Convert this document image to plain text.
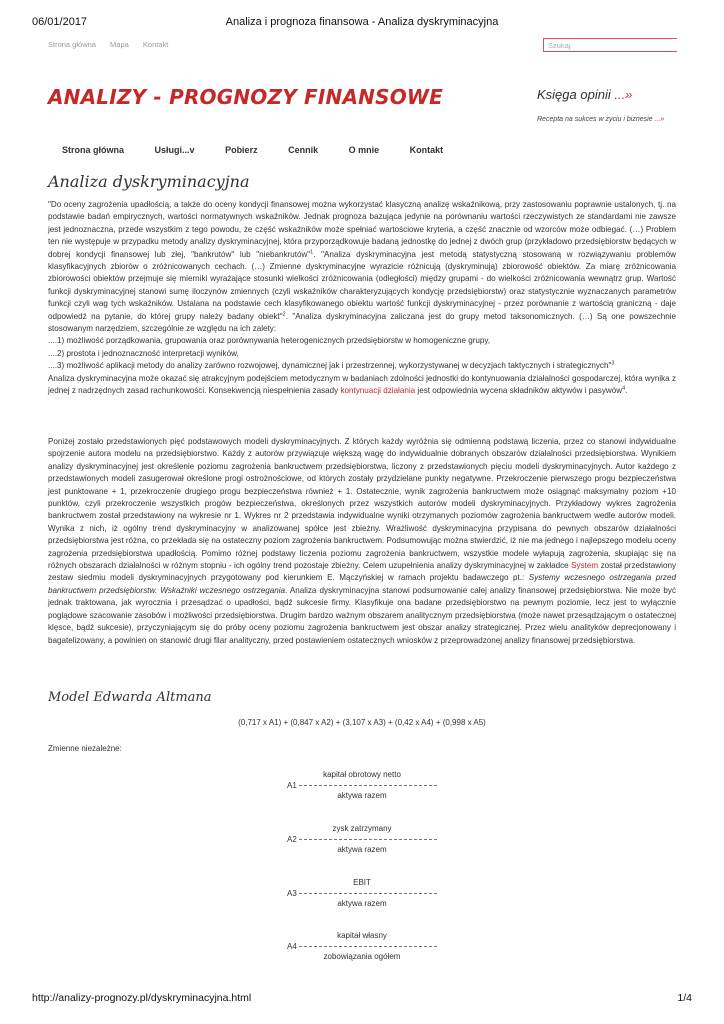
06/01/2017	Analiza i prognoza finansowa - Analiza dyskryminacyjna
Strona główna Mapa Kontakt	Szukaj
ANALIZY - PROGNOZY FINANSOWE	Księga opinii ...»
Recepta na sukces w życiu i biznesie ...»
Strona główna	Usługi...v	Pobierz	Cennik	O mnie	Kontakt
Analiza dyskryminacyjna

"Do oceny zagrożenia upadłością, a także do oceny kondycji finansowej można wykorzystać klasyczną analizę wskaźnikową, przy zastosowaniu poprawnie ustalonych, tj. na podstawie badań empirycznych, wartości normatywnych wskaźników. Jednak prognoza bazująca jedynie na porównaniu wartości rzeczywistych ze standardami nie zawsze jest jednoznaczna, przede wszystkim z tego powodu, że część wskaźników może spełniać wartościowe kryteria, a część znacznie od wzorców może odbiegać. (…) Problem ten nie występuje w przypadku metody analizy dyskryminacyjnej, która przyporządkowuje badaną jednostkę do jednej z dwóch grup (przykładowo przedsiębiorstw będących w dobrej kondycji finansowej lub złej, "bankrutów" lub "niebankrutów"$^1$. "Analiza dyskryminacyjna jest metodą statystyczną stosowaną w rozwiązywaniu problemów klasyfikacyjnych zbiorów o zróżnicowanych cechach. (…) Zmienne dyskryminacyjne wyrazicie różnicują (dyskryminują) zbiorowość obiektów. Za miarę zróżnicowania zbiorowości obiektów przejmuje się mierniki wyrażające stosunki wielkości zróżnicowania (odległości) między grupami - do wielkości zróżnicowania wewnątrz grup. Wartość funkcji dyskryminacyjnej stanowi sumę iloczynów zmiennych (czyli wskaźników charakteryzujących kondycję przedsiębiorstw) oraz statystycznie wyznaczanych parametrów funkcji czyli wag tych wskaźników. Ustalana na podstawie cech klasyfikowanego obiektu wartość funkcji dyskryminacyjnej - przez porównanie z wartością graniczną - daje odpowiedź na pytanie, do której grupy należy badany obiekt"$^2$. "Analiza dyskryminacyjna zaliczana jest do grupy metod taksonomicznych. (…) Są one powszechnie stosowanym narzędziem, szczególnie ze względu na ich zalety:

....1) możliwość porządkowania, grupowania oraz porównywania heterogenicznych przedsiębiorstw w homogeniczne grupy,

....2) prostota i jednoznaczność interpretacji wyników,

....3) możliwość aplikacji metody do analizy zarówno rozwojowej, dynamicznej jak i przestrzennej, wykorzystywanej w decyzjach taktycznych i strategicznych"$^3$

Analiza dyskryminacyjna może okazać się atrakcyjnym podejściem metodycznym w badaniach zdolności jednostki do kontynuowania działalności gospodarczej, która wynika z jednej z nadrzędnych zasad rachunkowości. Konsekwencją niespełnienia zasady kontynuacji działania jest odpowiednia wycena składników aktywów i pasywów$^4$.

Poniżej zostało przedstawionych pięć podstawowych modeli dyskryminacyjnych. Z których każdy wyróżnia się odmienną podstawą liczenia, przez co stanowi indywidualne spojrzenie autora modelu na przedsiębiorstwo. Każdy z autorów przywiązuje większą wagę do indywidualnie dobranych obszarów działalności przedsiębiorstwa. Wynikiem analizy dyskryminacyjnej jest określenie poziomu zagrożenia bankructwem przedsiębiorstwa, liczony z przedstawionych pięciu modeli dyskryminacyjnych. Autor każdego z przedstawionych modeli zasugerował określone progi ostrożnościowe, od których zostały przydzielane punkty negatywne. Przekroczenie pierwszego progu bezpieczeństwa jest punktowane + 1, przekroczenie drugiego progu bezpieczeństwa również + 1. Ostatecznie, wynik zagrożenia bankructwem może osiągnąć maksymalny poziom +10 punktów, czyli przekroczenie wszystkich progów bezpieczeństwa, określonych przez wszystkich autorów modeli dyskryminacyjnych. Przykładowy wykres zagrożenia bankructwem został przedstawiony na wykresie nr 1. Wykres nr 2 przedstawia indywidualne wyniki otrzymanych poziomów zagrożenia bankructwem wedle autorów modeli. Wynika z nich, iż ogólny trend dyskryminacyjny w analizowanej spółce jest zbieżny. Wrażliwość dyskryminacyjna przypisana do pewnych obszarów działalności przedsiębiorstwa jest różna, co przekłada się na ostateczny poziom zagrożenia bankructwem. Podsumowując można stwierdzić, iż nie ma jednego i najlepszego modelu oceny zagrożenia przedsiębiorstwa upadłością. Pomimo różnej podstawy liczenia poziomu zagrożenia bankructwem, wszystkie modele wyłapują zagrożenia, skupiając się na różnych obszarach działalności w różnym stopniu - ich ogólny trend pozostaje zbieżny. Celem uzupełnienia analizy dyskryminacyjnej w zakładce System został przedstawiony zestaw siedmiu modeli dyskryminacyjnych przygotowany pod kierunkiem E. Mączyńskiej w ramach projektu badawczego pt.: Systemy wczesnego ostrzegania przed bankructwem przedsiębiorstw. Wskaźniki wczesnego ostrzegania. Analiza dyskryminacyjna stanowi podsumowanie całej analizy finansowej przedsiębiorstwa. Nie może być jednak traktowana, jak wyrocznia i przesądzać o upadłości, bądź sukcesie firmy. Klasyfikuje ona badane przedsiębiorstwo na pewnym poziomie, lecz jest to wyłącznie poglądowe szacowanie zasobów i możliwości przedsiębiorstwa. Drugim bardzo ważnym obszarem analitycznym przedsiębiorstwa (może nawet przesądzającym o ostatecznej klęsce, bądź sukcesie), przyczyniającym się do próby oceny poziomu zagrożenia bankructwem jest obszar analizy strategicznej. Przez wielu analityków deprecjonowany i bagatelizowany, a powinien on stanowić drugi filar analityczny, przed postawieniem ostatecznych wniosków z przeprowadzonej analizy finansowej przedsiębiorstwa.

Model Edwarda Altmana
(0,717 x A1) + (0,847 x A2) + (3,107 x A3) + (0,42 x A4) + (0,998 x A5)
Zmienne niezależne:
kapitał obrotowy netto
A1
aktywa razem
zysk zatrzymany
A2
aktywa razem
EBIT
A3
aktywa razem
kapitał własny
A4
zobowiązania ogółem
http://analizy-prognozy.pl/dyskryminacyjna.html	1/4
